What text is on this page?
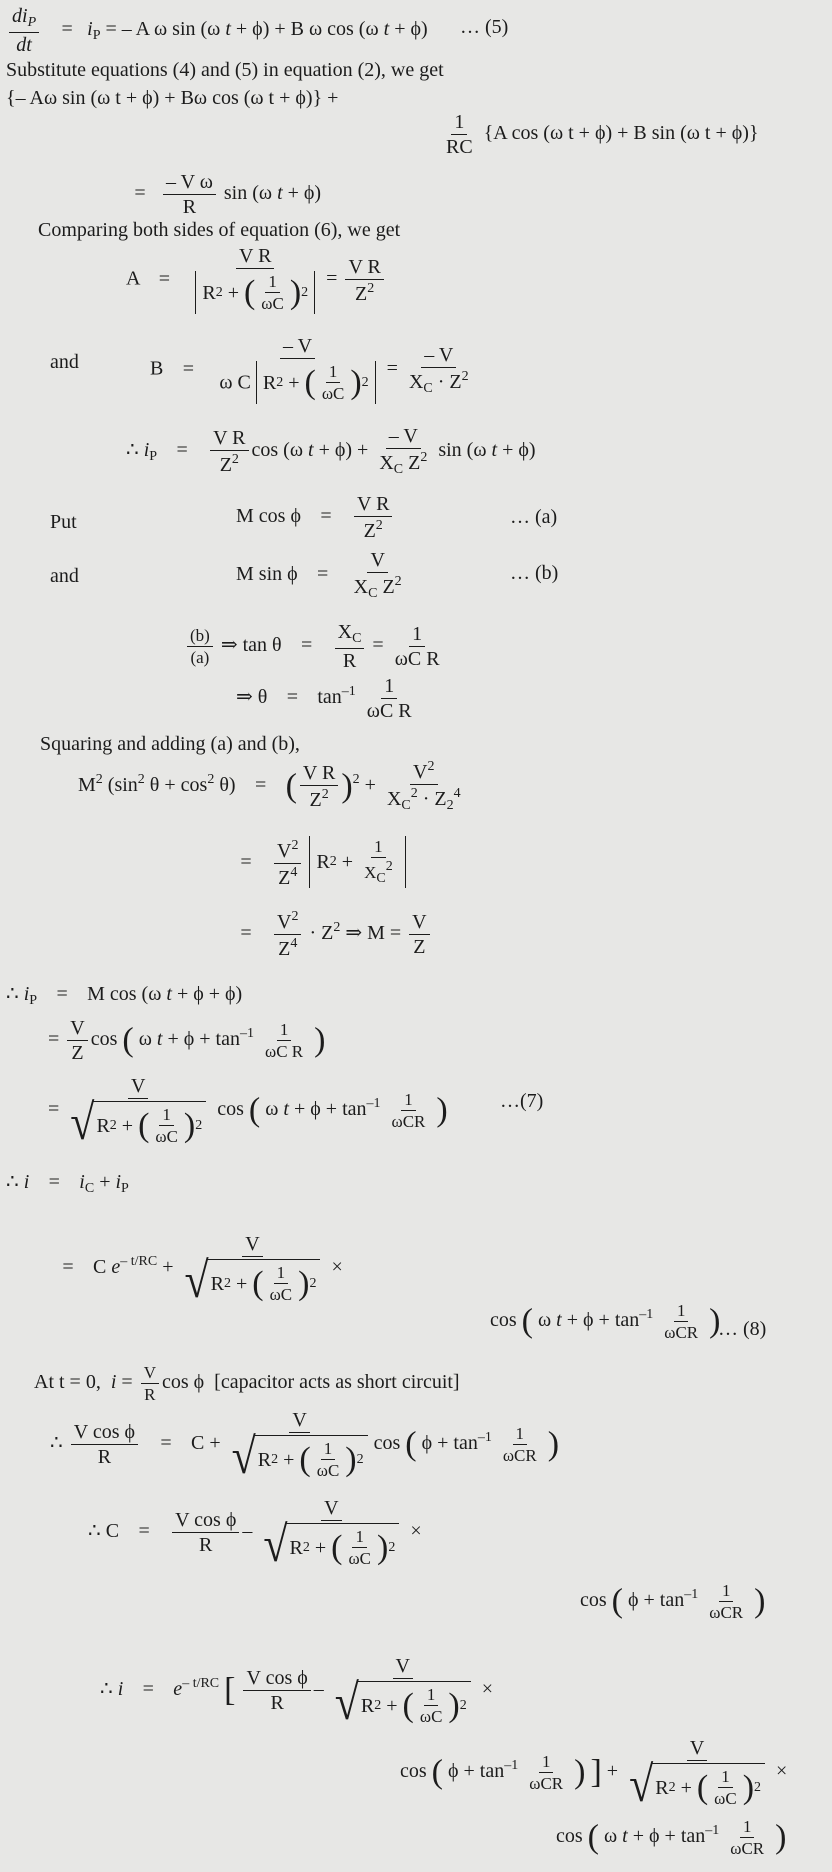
$\frac{di_P}{dt} = i_P$ = – A ω sin (ω t + ϕ) + B ω cos (ω t + ϕ) … (5)
Substitute equations (4) and (5) in equation (2), we get
{– Aω sin (ω t + ϕ) + Bω cos (ω t + ϕ)} +
$\frac{1}{RC} \{A$ cos (ω t + ϕ) + B sin (ω t + ϕ)}
= $\frac{\text{– V ω}}{R}$ sin (ω t + ϕ)
Comparing both sides of equation (6), we get
$A = \frac{\text{V R}}{R 2 + ( \frac{1}{\omega C} ) 2} = \frac{\text{V R}}{Z^2}$
and	$B = \frac{- V}{\omega C R 2 + ( \frac{1}{\omega C} ) 2} = \frac{- V}{X_C \cdot Z^2}$
∴ $i_P = \frac{\text{V R}}{Z^2}$ cos (ω $t + \phi) + \frac{- V}{X_C Z^2}$ sin (ω t + ϕ)
Put	M $\cos \phi = \frac{\text{V R}}{Z^2}$	… (a)
and	M $\sin \phi = \frac{V}{X_C Z^2}$	… (b)
$\frac{(b)}{(a)}$ ⇒ $\tan \theta = \frac{X_C}{R} = \frac{1}{\text{ωC R}}$
⇒ $\theta = \tan^{-1} \frac{1}{\text{ωC R}}$
Squaring and adding (a) and (b),
$M^2$ ($\sin^2$ $\theta + \cos^2 \theta$) = ( $\frac{\text{V R}}{Z^2} )^2 + \frac{V^2}{X_C^2 \cdot Z_2^4}$
= $\frac{V^2}{Z^4}$ R $2 + \frac{1}{X_C^2}$
= $\frac{V^2}{Z^4} \cdot Z^2$ ⇒ $M = \frac{V}{Z}$
∴ $i_P = M$ cos (ω t + ϕ + ϕ)
= $\frac{V}{Z}$ cos ( ω $t + \phi + \tan^{-1} \frac{1}{\text{ωC R}}$ )
= $\frac{V}{√ R 2 + ( \frac{1}{\omega C} ) 2}$ cos ( ω $t + \phi + \tan^{-1} \frac{1}{\text{ωCR}}$ )	…(7)
∴ $i = i_C + i_P$
= C $e^{- t/RC} + \frac{V}{√ R 2 + ( \frac{1}{\omega C} ) 2}$ ×
cos ( ω $t + \phi + \tan^{-1} \frac{1}{\text{ωCR}}$ )
… (8)
At t = 0, $i = \frac{V}{R}$ cos ϕ  [capacitor acts as short circuit]
∴ $\frac{\text{V cos ϕ}}{R} = C + \frac{V}{√ R 2 + ( \frac{1}{\omega C} ) 2}$ cos ( $\phi + \tan^{-1} \frac{1}{\text{ωCR}}$ )
∴ $C = \frac{\text{V cos ϕ}}{R} - \frac{V}{√ R 2 + ( \frac{1}{\omega C} ) 2}$ ×
cos ( $\phi + \tan^{-1} \frac{1}{\text{ωCR}}$ )
∴ $i = e^{- t/RC}$ [ $\frac{\text{V cos ϕ}}{R} - \frac{V}{√ R 2 + ( \frac{1}{\omega C} ) 2}$ ×
cos ( $\phi + \tan^{-1} \frac{1}{\text{ωCR}}$ ) ] + $\frac{V}{√ R 2 + ( \frac{1}{\omega C} ) 2}$ ×
cos ( ω $t + \phi + \tan^{-1} \frac{1}{\text{ωCR}}$ )
